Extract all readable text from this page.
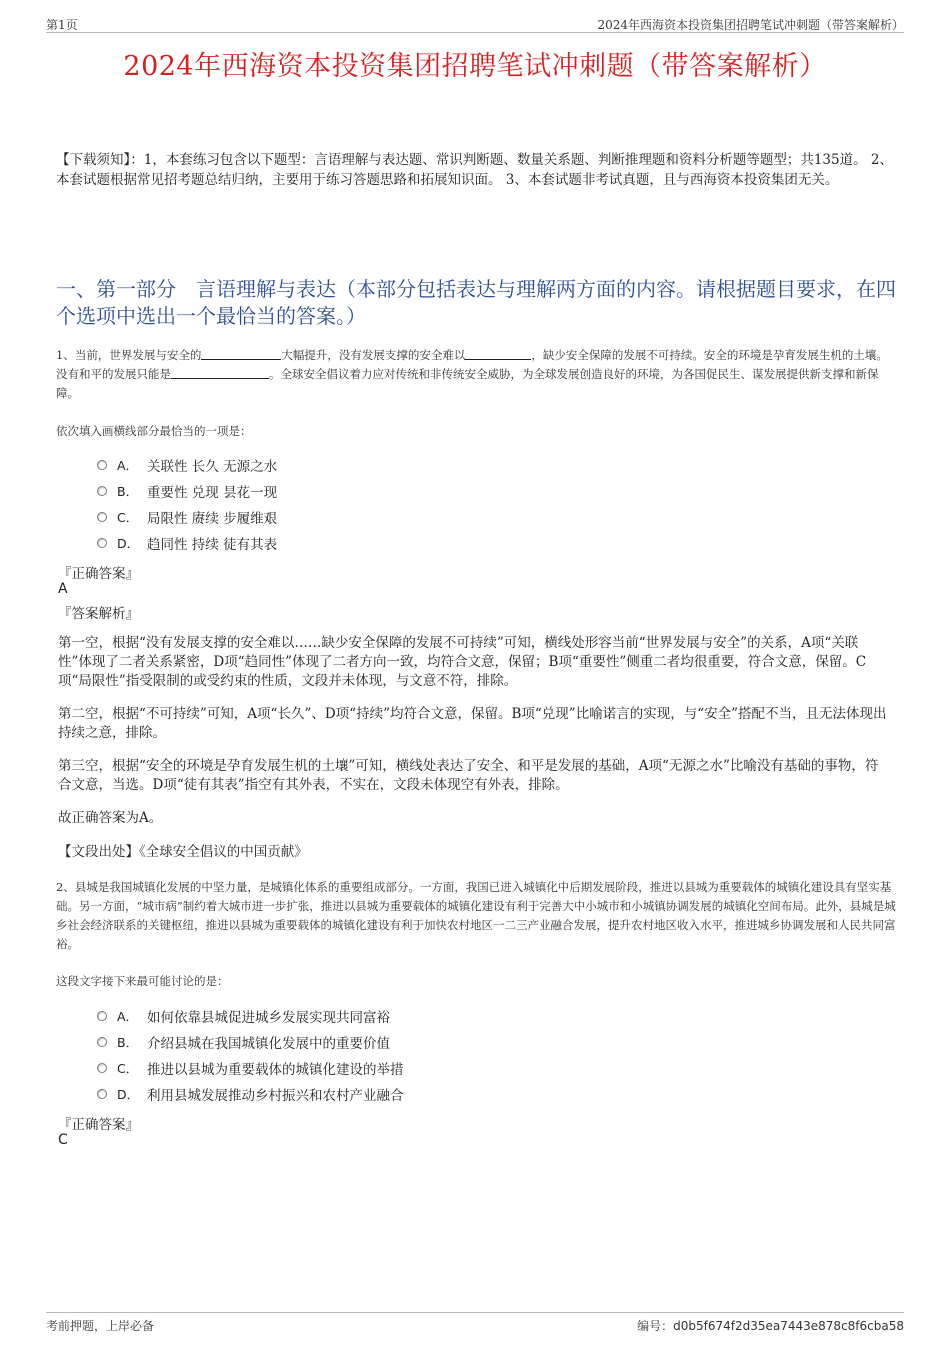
第1页	2024年西海资本投资集团招聘笔试冲刺题（带答案解析）
2024年西海资本投资集团招聘笔试冲刺题（带答案解析）
【下载须知】：1，本套练习包含以下题型：言语理解与表达题、常识判断题、数量关系题、判断推理题和资料分析题等题型；共135道。 2、本套试题根据常见招考题总结归纳，主要用于练习答题思路和拓展知识面。 3、本套试题非考试真题，且与西海资本投资集团无关。
一、第一部分　言语理解与表达（本部分包括表达与理解两方面的内容。请根据题目要求，在四个选项中选出一个最恰当的答案。）
1、当前，世界发展与安全的	大幅提升，没有发展支撑的安全难以	，缺少安全保障的发展不可持续。安全的环境是孕育发展生机的土壤。没有和平的发展只能是	。全球安全倡议着力应对传统和非传统安全威胁，为全球发展创造良好的环境，为各国促民生、谋发展提供新支撑和新保障。
依次填入画横线部分最恰当的一项是：
A． 关联性 长久 无源之水
B． 重要性 兑现 昙花一现
C． 局限性 赓续 步履维艰
D． 趋同性 持续 徒有其表
『正确答案』
A
『答案解析』
第一空，根据“没有发展支撑的安全难以……缺少安全保障的发展不可持续”可知，横线处形容当前“世界发展与安全”的关系，A项“关联性”体现了二者关系紧密，D项“趋同性”体现了二者方向一致，均符合文意，保留；B项“重要性”侧重二者均很重要，符合文意，保留。C项“局限性”指受限制的或受约束的性质，文段并未体现，与文意不符，排除。
第二空，根据“不可持续”可知，A项“长久”、D项“持续”均符合文意，保留。B项“兑现”比喻诺言的实现，与“安全”搭配不当，且无法体现出持续之意，排除。
第三空，根据“安全的环境是孕育发展生机的土壤”可知，横线处表达了安全、和平是发展的基础，A项“无源之水”比喻没有基础的事物，符合文意，当选。D项“徒有其表”指空有其外表，不实在，文段未体现空有外表，排除。
故正确答案为A。
【文段出处】《全球安全倡议的中国贡献》
2、县城是我国城镇化发展的中坚力量，是城镇化体系的重要组成部分。一方面，我国已进入城镇化中后期发展阶段，推进以县城为重要载体的城镇化建设具有坚实基础。另一方面，“城市病”制约着大城市进一步扩张，推进以县城为重要载体的城镇化建设有利于完善大中小城市和小城镇协调发展的城镇化空间布局。此外，县城是城乡社会经济联系的关键枢纽，推进以县城为重要载体的城镇化建设有利于加快农村地区一二三产业融合发展，提升农村地区收入水平，推进城乡协调发展和人民共同富裕。
这段文字接下来最可能讨论的是：
A． 如何依靠县城促进城乡发展实现共同富裕
B． 介绍县城在我国城镇化发展中的重要价值
C． 推进以县城为重要载体的城镇化建设的举措
D． 利用县城发展推动乡村振兴和农村产业融合
『正确答案』
C
考前押题，上岸必备	编号：d0b5f674f2d35ea7443e878c8f6cba58
